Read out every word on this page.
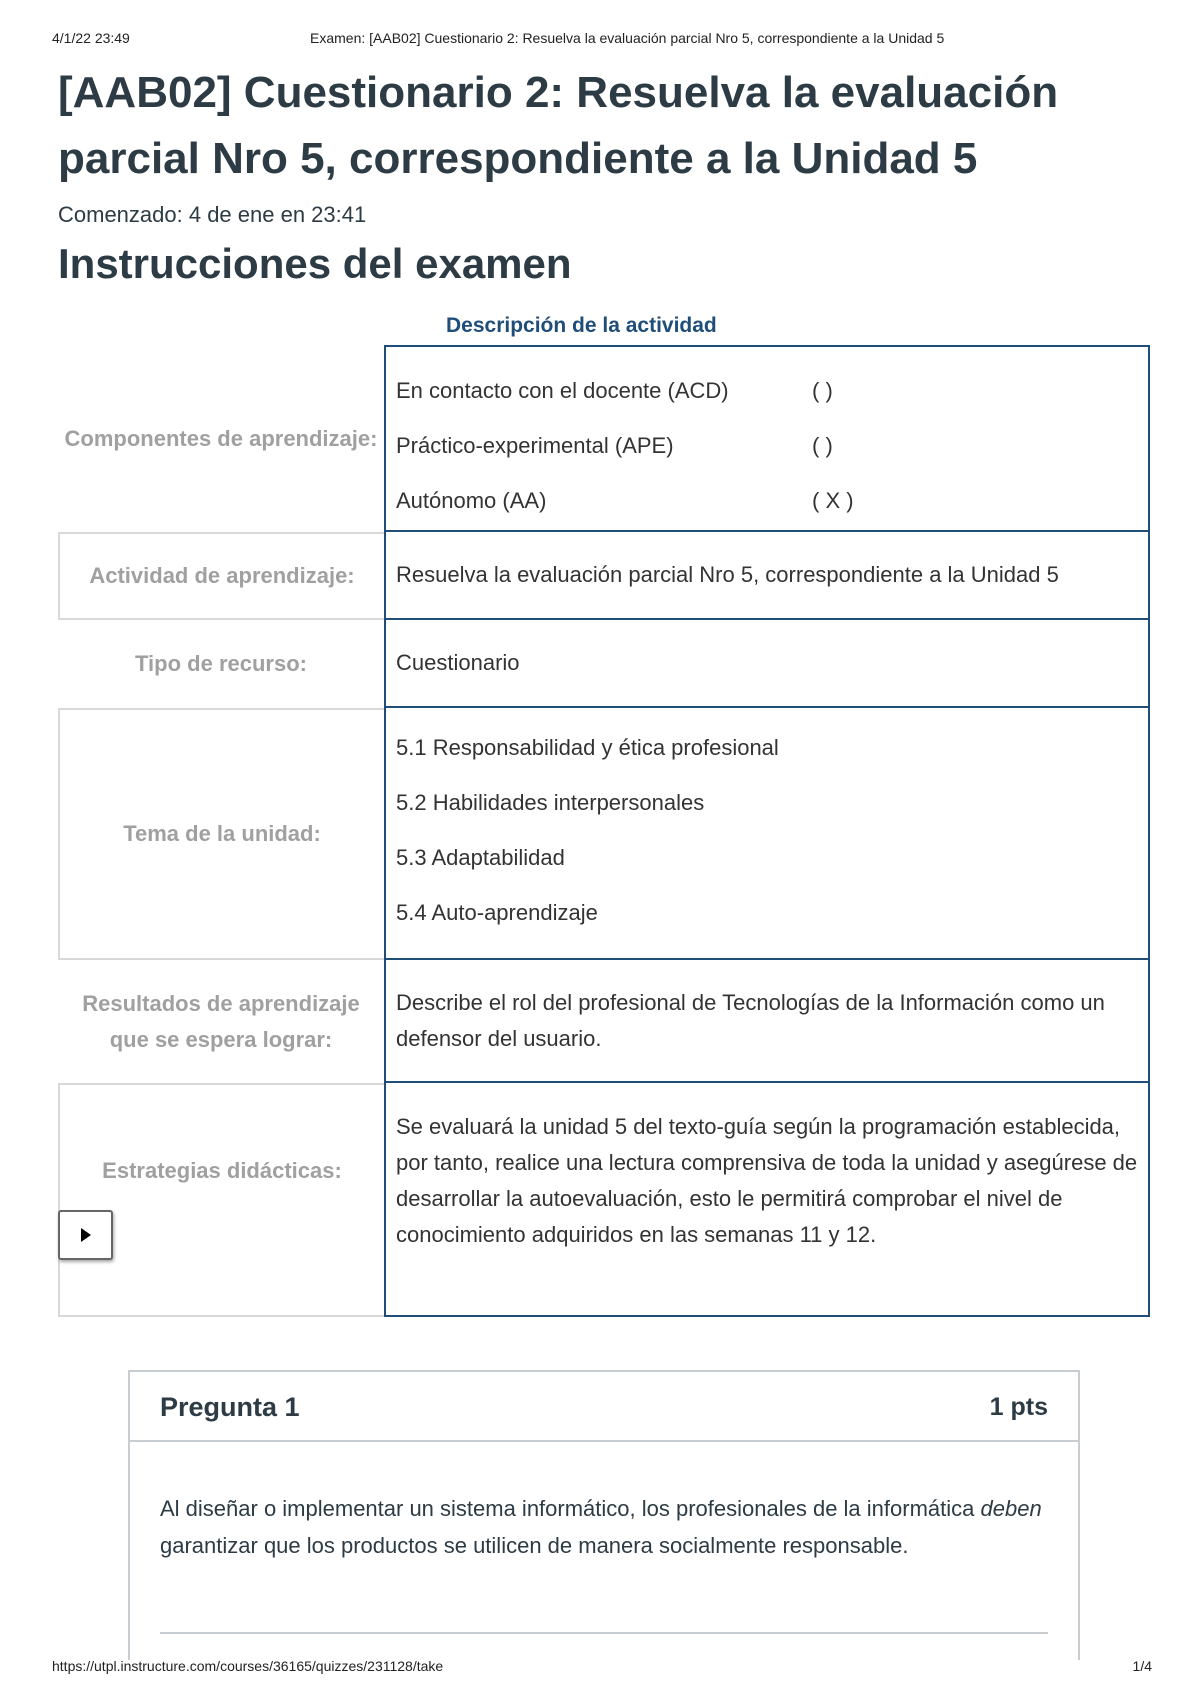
4/1/22 23:49	Examen: [AAB02] Cuestionario 2: Resuelva la evaluación parcial Nro 5, correspondiente a la Unidad 5
[AAB02] Cuestionario 2: Resuelva la evaluación parcial Nro 5, correspondiente a la Unidad 5
Comenzado: 4 de ene en 23:41
Instrucciones del examen
Descripción de la actividad
Componentes de aprendizaje:
En contacto con el docente (ACD)	( )
Práctico-experimental (APE)	( )
Autónomo (AA)	( X )
Actividad de aprendizaje:	Resuelva la evaluación parcial Nro 5, correspondiente a la Unidad 5
Tipo de recurso:	Cuestionario
Tema de la unidad:
5.1 Responsabilidad y ética profesional
5.2 Habilidades interpersonales
5.3 Adaptabilidad
5.4 Auto-aprendizaje
Resultados de aprendizaje que se espera lograr:
Describe el rol del profesional de Tecnologías de la Información como un defensor del usuario.
Estrategias didácticas:
Se evaluará la unidad 5 del texto-guía según la programación establecida, por tanto, realice una lectura comprensiva de toda la unidad y asegúrese de desarrollar la autoevaluación, esto le permitirá comprobar el nivel de conocimiento adquiridos en las semanas 11 y 12.
Pregunta 1	1 pts
Al diseñar o implementar un sistema informático, los profesionales de la informática deben garantizar que los productos se utilicen de manera socialmente responsable.
https://utpl.instructure.com/courses/36165/quizzes/231128/take	1/4
